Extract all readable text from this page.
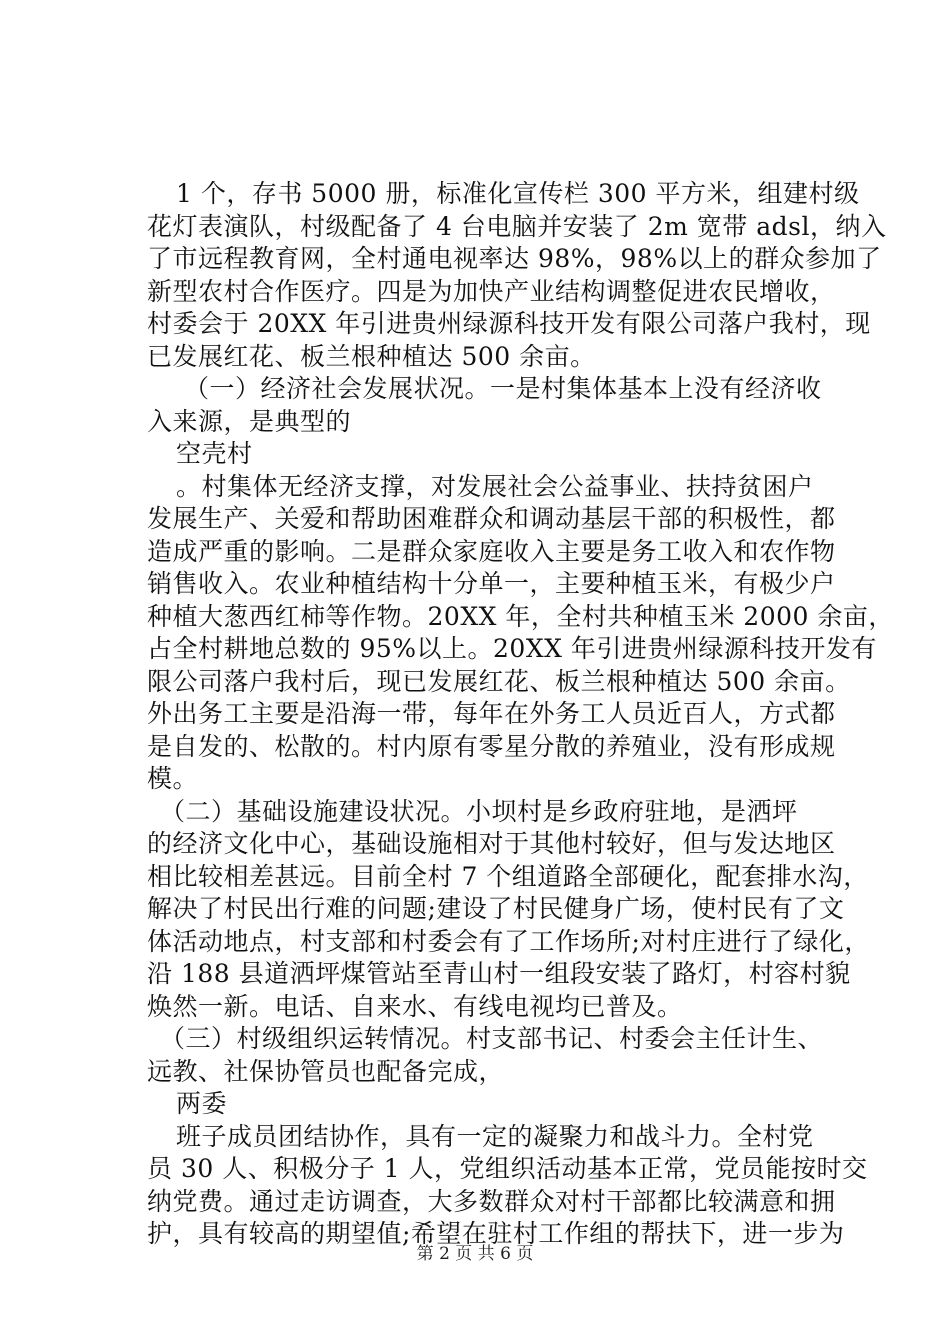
1 个，存书 5000 册，标准化宣传栏 300 平方米，组建村级
花灯表演队，村级配备了 4 台电脑并安装了 2m 宽带 adsl，纳入
了市远程教育网，全村通电视率达 98%，98%以上的群众参加了
新型农村合作医疗。四是为加快产业结构调整促进农民增收，
村委会于 20XX 年引进贵州绿源科技开发有限公司落户我村，现
已发展红花、板兰根种植达 500 余亩。
（一）经济社会发展状况。一是村集体基本上没有经济收
入来源，是典型的
空壳村
。村集体无经济支撑，对发展社会公益事业、扶持贫困户
发展生产、关爱和帮助困难群众和调动基层干部的积极性，都
造成严重的影响。二是群众家庭收入主要是务工收入和农作物
销售收入。农业种植结构十分单一，主要种植玉米，有极少户
种植大葱西红柿等作物。20XX 年，全村共种植玉米 2000 余亩，
占全村耕地总数的 95%以上。20XX 年引进贵州绿源科技开发有
限公司落户我村后，现已发展红花、板兰根种植达 500 余亩。
外出务工主要是沿海一带，每年在外务工人员近百人，方式都
是自发的、松散的。村内原有零星分散的养殖业，没有形成规
模。
（二）基础设施建设状况。小坝村是乡政府驻地，是洒坪
的经济文化中心，基础设施相对于其他村较好，但与发达地区
相比较相差甚远。目前全村 7 个组道路全部硬化，配套排水沟，
解决了村民出行难的问题;建设了村民健身广场，使村民有了文
体活动地点，村支部和村委会有了工作场所;对村庄进行了绿化，
沿 188 县道洒坪煤管站至青山村一组段安装了路灯，村容村貌
焕然一新。电话、自来水、有线电视均已普及。
（三）村级组织运转情况。村支部书记、村委会主任计生、
远教、社保协管员也配备完成，
两委
班子成员团结协作，具有一定的凝聚力和战斗力。全村党
员 30 人、积极分子 1 人，党组织活动基本正常，党员能按时交
纳党费。通过走访调查，大多数群众对村干部都比较满意和拥
护，具有较高的期望值;希望在驻村工作组的帮扶下，进一步为
第 2 页 共 6 页
